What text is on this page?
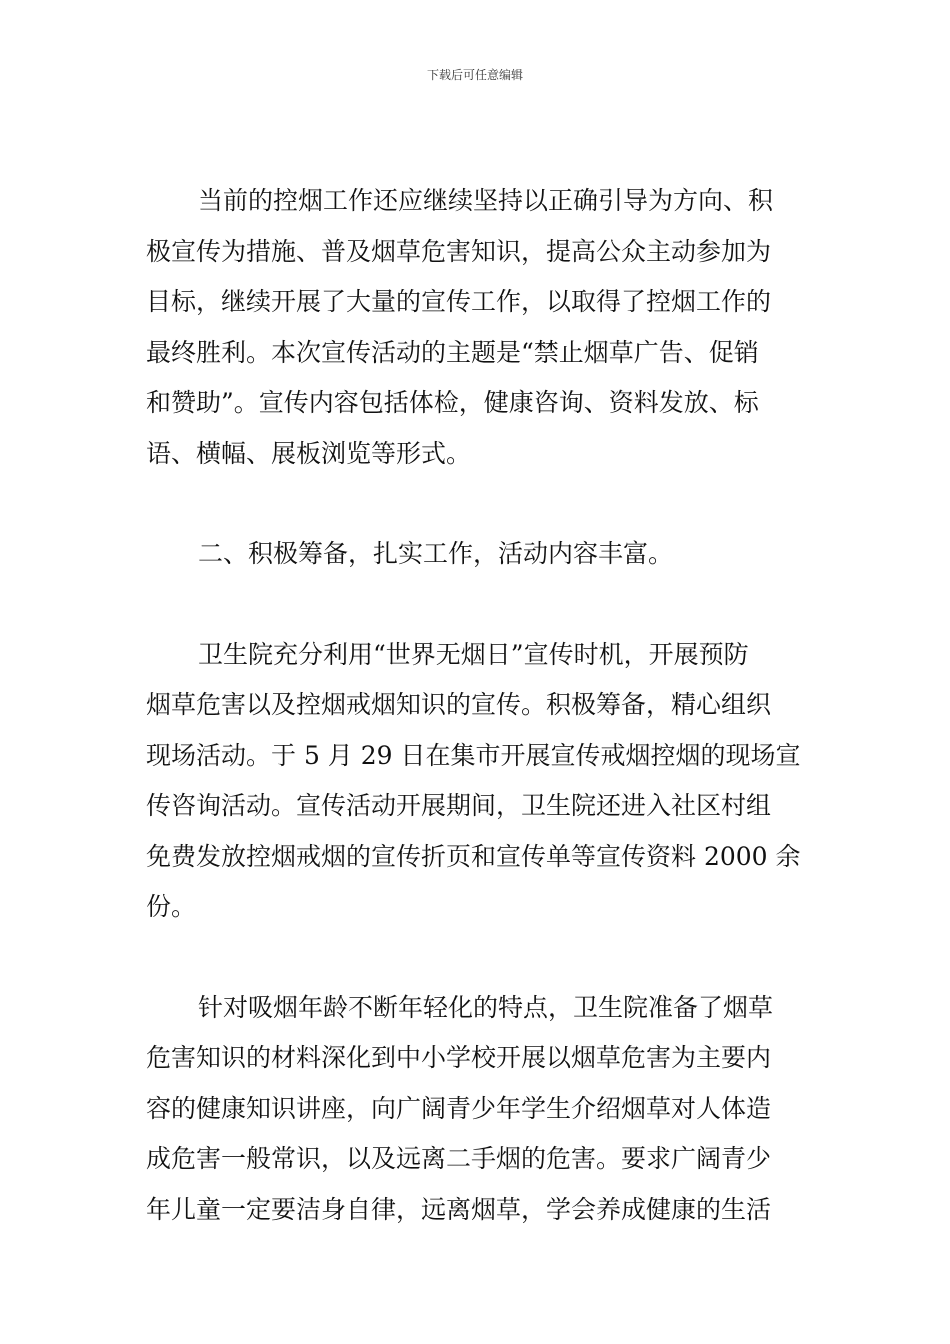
下载后可任意编辑

当前的控烟工作还应继续坚持以正确引导为方向、积
极宣传为措施、普及烟草危害知识，提高公众主动参加为
目标，继续开展了大量的宣传工作，以取得了控烟工作的
最终胜利。本次宣传活动的主题是“禁止烟草广告、促销
和赞助”。宣传内容包括体检，健康咨询、资料发放、标
语、横幅、展板浏览等形式。

二、积极筹备，扎实工作，活动内容丰富。

卫生院充分利用“世界无烟日”宣传时机，开展预防
烟草危害以及控烟戒烟知识的宣传。积极筹备，精心组织
现场活动。于 5 月 29 日在集市开展宣传戒烟控烟的现场宣
传咨询活动。宣传活动开展期间，卫生院还进入社区村组
免费发放控烟戒烟的宣传折页和宣传单等宣传资料 2000 余
份。

针对吸烟年龄不断年轻化的特点，卫生院准备了烟草
危害知识的材料深化到中小学校开展以烟草危害为主要内
容的健康知识讲座，向广阔青少年学生介绍烟草对人体造
成危害一般常识，以及远离二手烟的危害。要求广阔青少
年儿童一定要洁身自律，远离烟草，学会养成健康的生活
